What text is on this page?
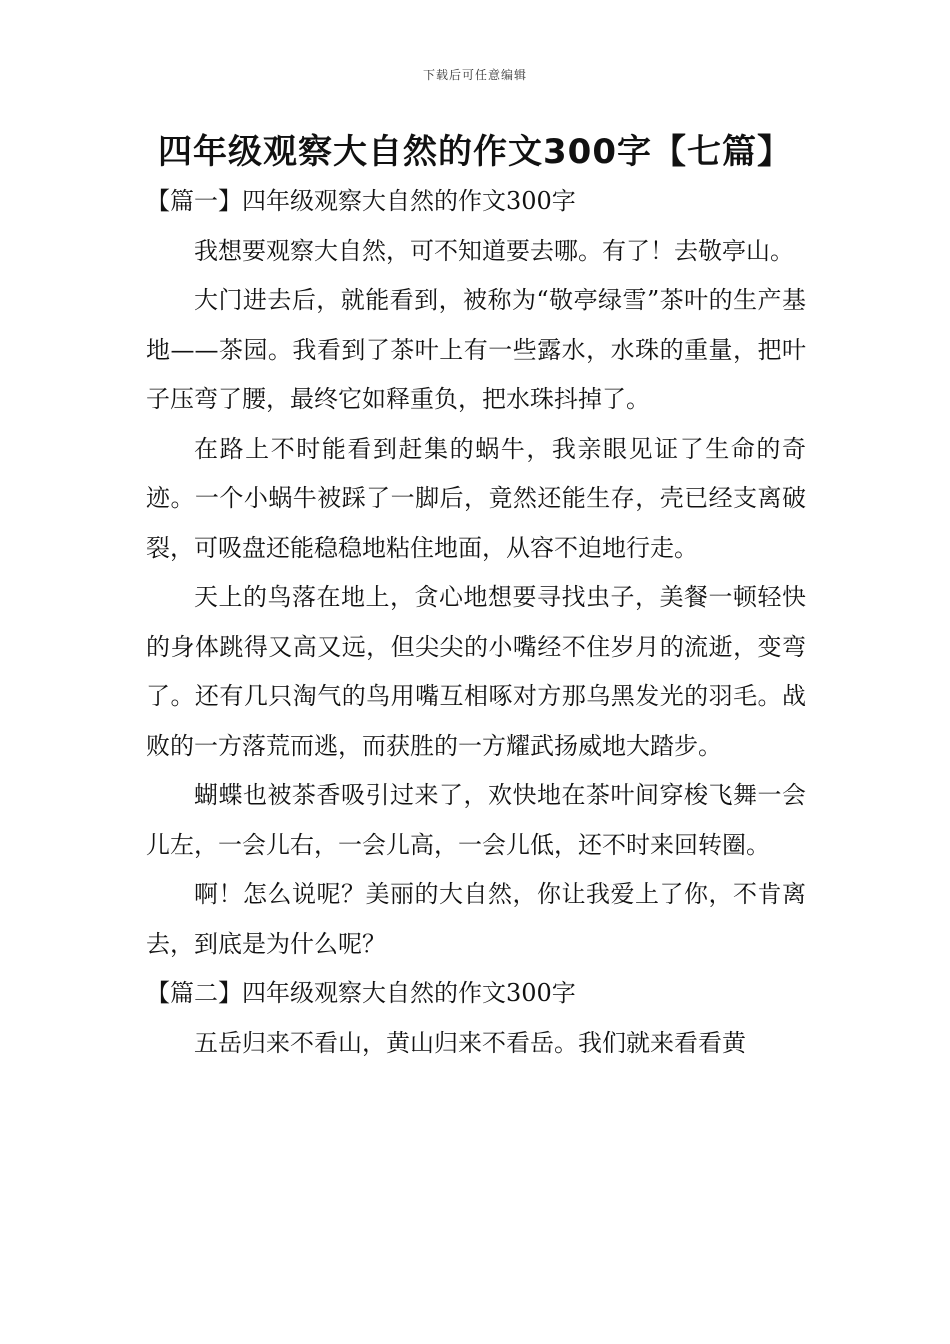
下载后可任意编辑
四年级观察大自然的作文300字【七篇】

【篇一】四年级观察大自然的作文300字

我想要观察大自然，可不知道要去哪。有了！去敬亭山。

大门进去后，就能看到，被称为“敬亭绿雪”茶叶的生产基地——茶园。我看到了茶叶上有一些露水，水珠的重量，把叶子压弯了腰，最终它如释重负，把水珠抖掉了。

在路上不时能看到赶集的蜗牛，我亲眼见证了生命的奇迹。一个小蜗牛被踩了一脚后，竟然还能生存，壳已经支离破裂，可吸盘还能稳稳地粘住地面，从容不迫地行走。

天上的鸟落在地上，贪心地想要寻找虫子，美餐一顿轻快的身体跳得又高又远，但尖尖的小嘴经不住岁月的流逝，变弯了。还有几只淘气的鸟用嘴互相啄对方那乌黑发光的羽毛。战败的一方落荒而逃，而获胜的一方耀武扬威地大踏步。

蝴蝶也被茶香吸引过来了，欢快地在茶叶间穿梭飞舞一会儿左，一会儿右，一会儿高，一会儿低，还不时来回转圈。

啊！怎么说呢？美丽的大自然，你让我爱上了你，不肯离去，到底是为什么呢？

【篇二】四年级观察大自然的作文300字

五岳归来不看山，黄山归来不看岳。我们就来看看黄
